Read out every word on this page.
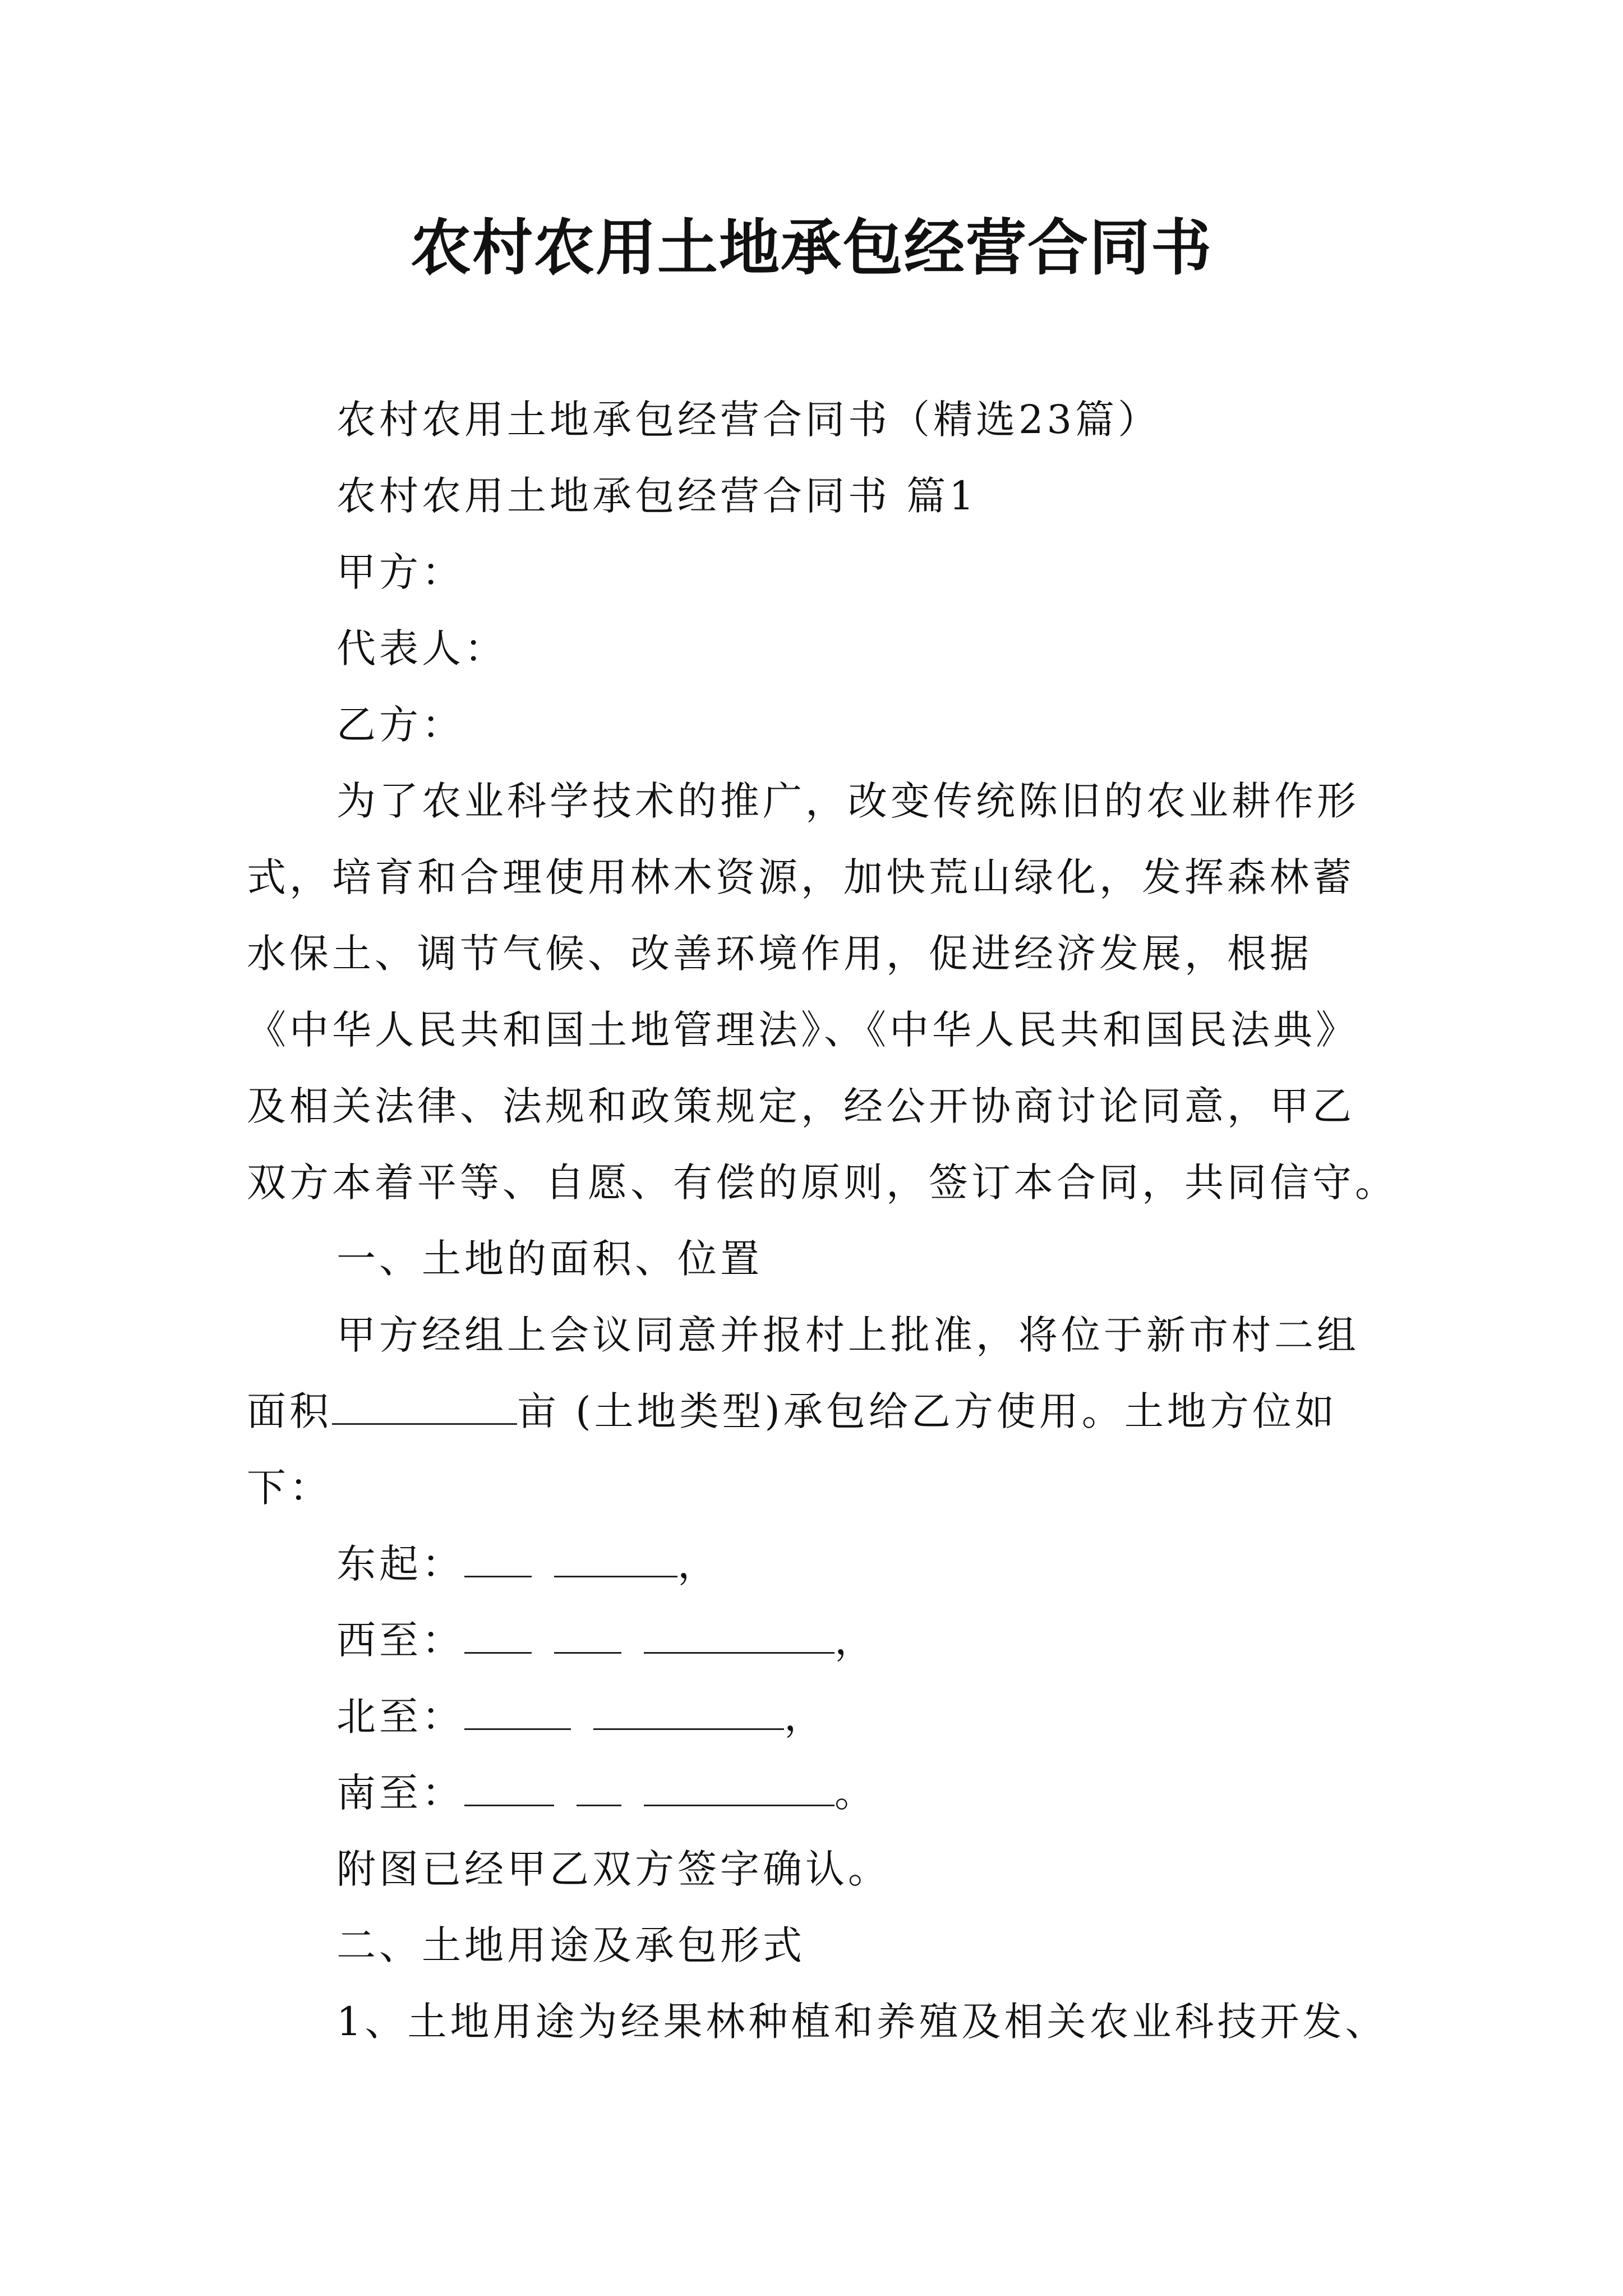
农村农用土地承包经营合同书

农村农用土地承包经营合同书（精选23篇）

农村农用土地承包经营合同书 篇1

甲方：

代表人：

乙方：

为了农业科学技术的推广，改变传统陈旧的农业耕作形

式，培育和合理使用林木资源，加快荒山绿化，发挥森林蓄

水保土、调节气候、改善环境作用，促进经济发展，根据

《中华人民共和国土地管理法》、《中华人民共和国民法典》

及相关法律、法规和政策规定，经公开协商讨论同意，甲乙

双方本着平等、自愿、有偿的原则，签订本合同，共同信守。

一、土地的面积、位置

甲方经组上会议同意并报村上批准，将位于新市村二组

面积	亩 (土地类型)承包给乙方使用。土地方位如

下：

东起：	，

西至：	，

北至：	，

南至：	。

附图已经甲乙双方签字确认。

二、土地用途及承包形式

1、土地用途为经果林种植和养殖及相关农业科技开发、
